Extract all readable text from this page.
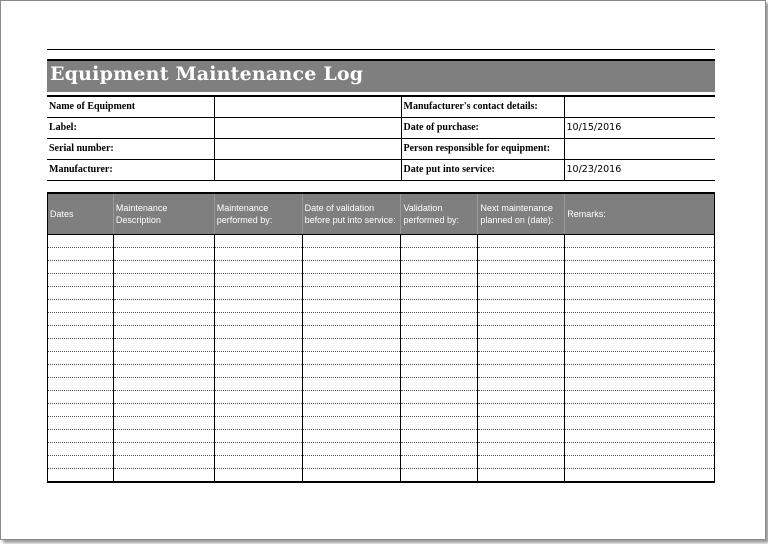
Equipment Maintenance Log
Name of Equipment		Manufacturer's contact details:	
Label:		Date of purchase:	10/15/2016
Serial number:		Person responsible for equipment:	
Manufacturer:		Date put into service:	10/23/2016
Dates	Maintenance Description	Maintenance performed by:	Date of validation before put into service:	Validation performed by:	Next maintenance planned on (date):	Remarks:
